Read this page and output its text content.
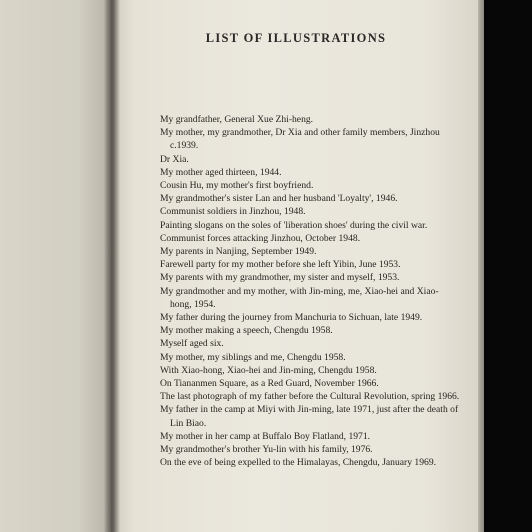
LIST OF ILLUSTRATIONS
My grandfather, General Xue Zhi-heng.
My mother, my grandmother, Dr Xia and other family members, Jinzhou c.1939.
Dr Xia.
My mother aged thirteen, 1944.
Cousin Hu, my mother's first boyfriend.
My grandmother's sister Lan and her husband 'Loyalty', 1946.
Communist soldiers in Jinzhou, 1948.
Painting slogans on the soles of 'liberation shoes' during the civil war.
Communist forces attacking Jinzhou, October 1948.
My parents in Nanjing, September 1949.
Farewell party for my mother before she left Yibin, June 1953.
My parents with my grandmother, my sister and myself, 1953.
My grandmother and my mother, with Jin-ming, me, Xiao-hei and Xiao-hong, 1954.
My father during the journey from Manchuria to Sichuan, late 1949.
My mother making a speech, Chengdu 1958.
Myself aged six.
My mother, my siblings and me, Chengdu 1958.
With Xiao-hong, Xiao-hei and Jin-ming, Chengdu 1958.
On Tiananmen Square, as a Red Guard, November 1966.
The last photograph of my father before the Cultural Revolution, spring 1966.
My father in the camp at Miyi with Jin-ming, late 1971, just after the death of Lin Biao.
My mother in her camp at Buffalo Boy Flatland, 1971.
My grandmother's brother Yu-lin with his family, 1976.
On the eve of being expelled to the Himalayas, Chengdu, January 1969.
